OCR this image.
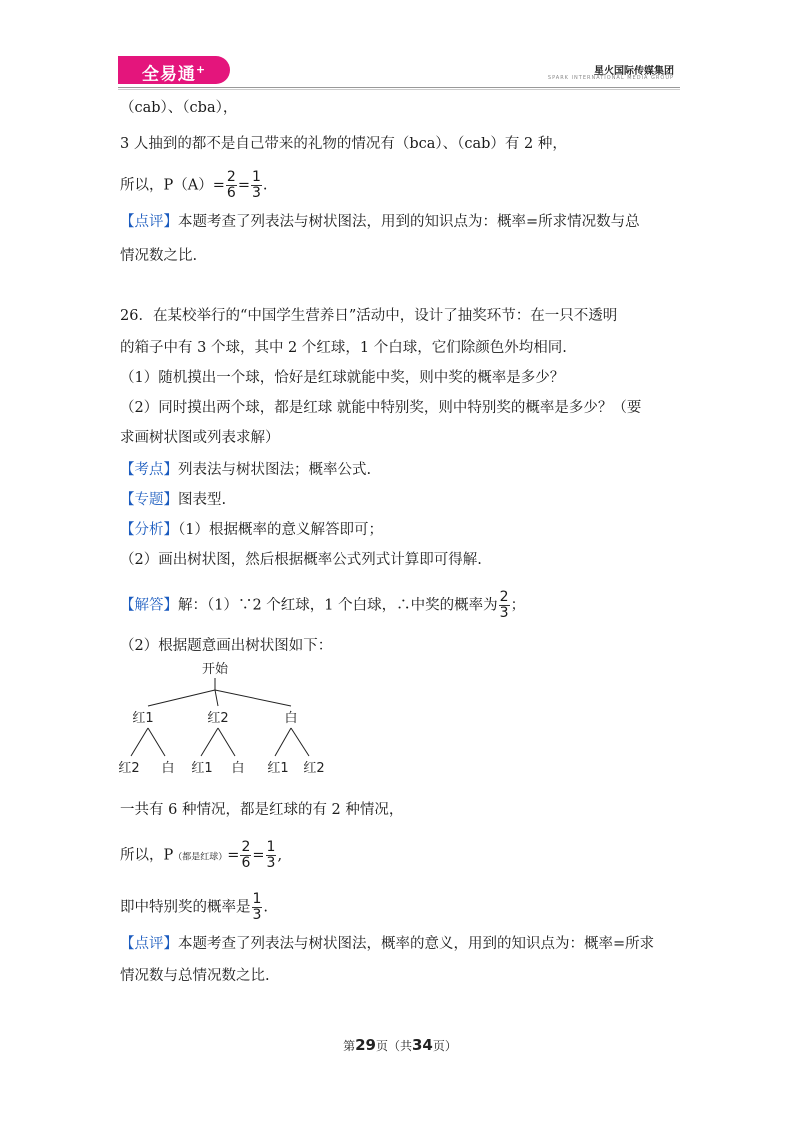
全易通+	星火国际传媒集团
SPARK INTERNATIONAL MEDIA GROUP
（cab）、（cba），
3 人抽到的都不是自己带来的礼物的情况有（bca）、（cab）有 2 种，
所以，$P(A)= \frac{2}{6} = \frac{1}{3}$ .
【点评】本题考查了列表法与树状图法，用到的知识点为：概率=所求情况数与总
情况数之比.
26．在某校举行的“中国学生营养日”活动中，设计了抽奖环节：在一只不透明
的箱子中有 3 个球，其中 2 个红球，1 个白球，它们除颜色外均相同.
（1）随机摸出一个球，恰好是红球就能中奖，则中奖的概率是多少？
（2）同时摸出两个球，都是红球 就能中特别奖，则中特别奖的概率是多少？（要
求画树状图或列表求解）
【考点】列表法与树状图法；概率公式.
【专题】图表型.
【分析】（1）根据概率的意义解答即可；
（2）画出树状图，然后根据概率公式列式计算即可得解.
【解答】解：（1）∵2 个红球，1 个白球，∴中奖的概率为 $\frac{2}{3}$ ；
（2）根据题意画出树状图如下：
开始
红1	红2	白
红2 白 红1 白 红1 红2
一共有 6 种情况，都是红球的有 2 种情况，
所以，P（都是红球）= $\frac{2}{6} = \frac{1}{3}$ ,
即中特别奖的概率是 $\frac{1}{3}$ .
【点评】本题考查了列表法与树状图法，概率的意义，用到的知识点为：概率=所求
情况数与总情况数之比.
第29页（共34页）
